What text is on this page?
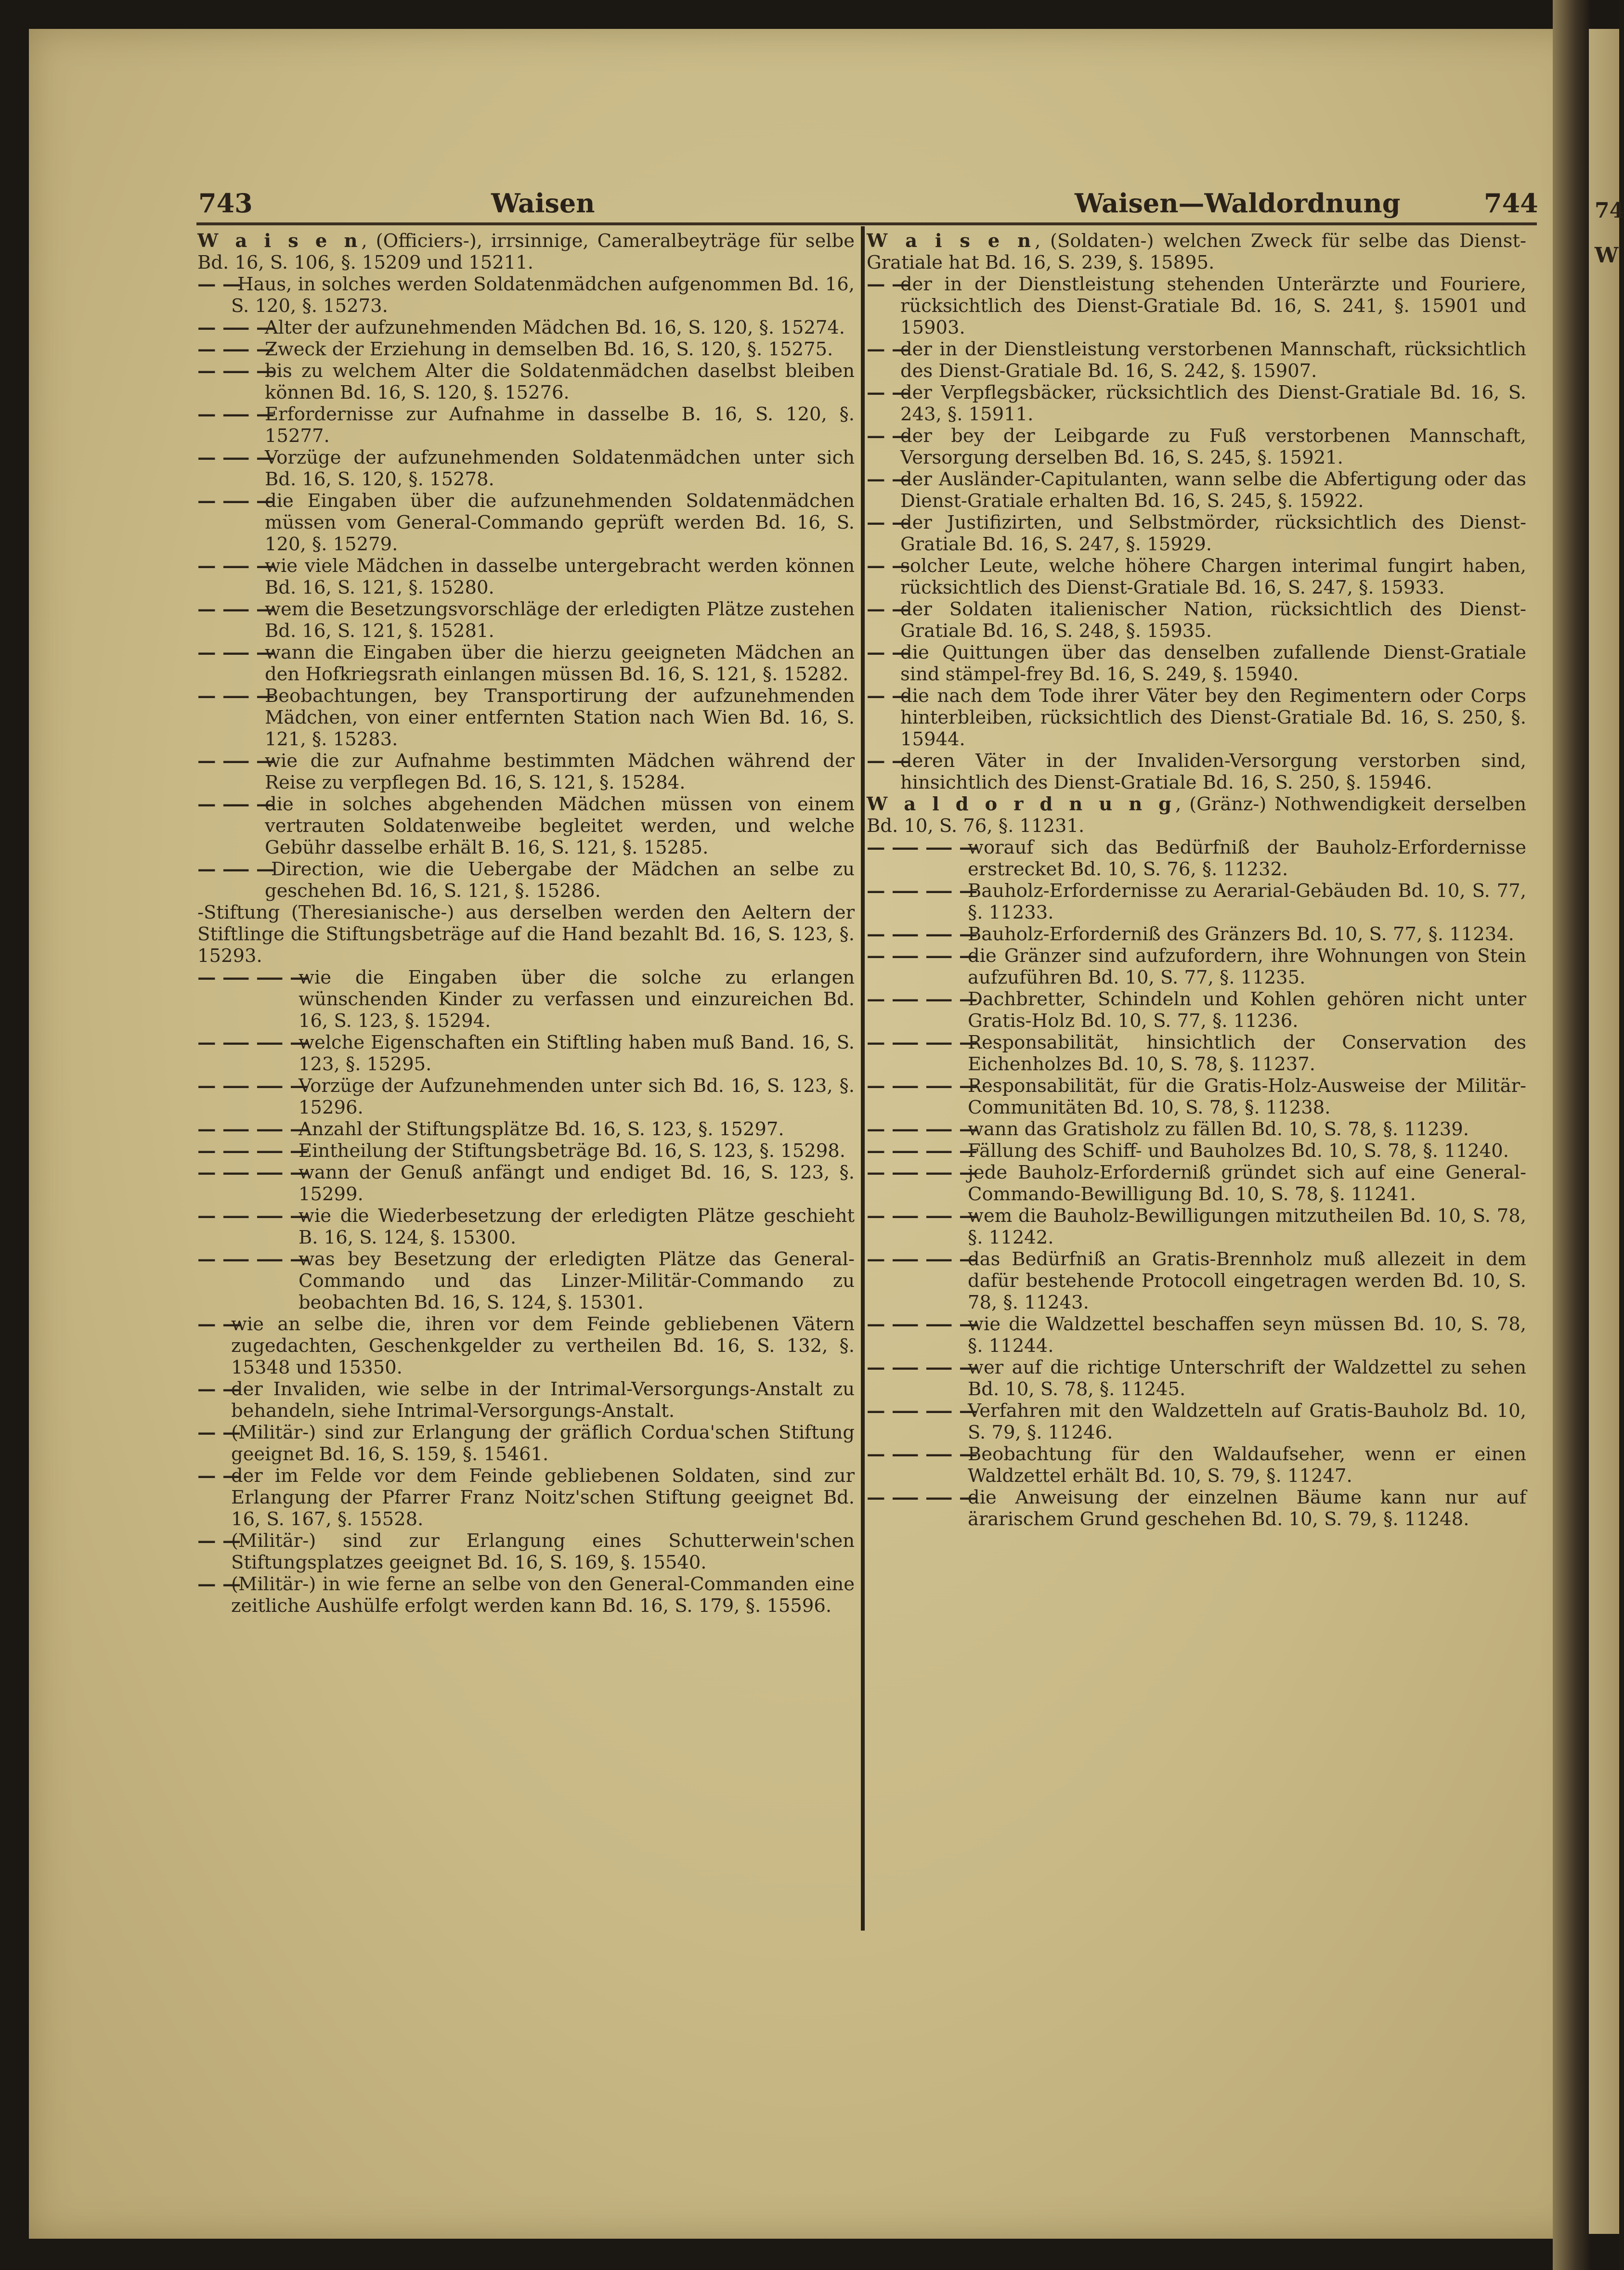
74
W
743	Waisen	Waisen—Waldordnung	744
W a i s e n, (Officiers-), irrsinnige, Cameralbeyträge für selbe Bd. 16, S. 106, §. 15209 und 15211.
— —
-Haus, in solches werden Soldatenmädchen aufgenommen Bd. 16, S. 120, §. 15273.
— —
— —
Alter der aufzunehmenden Mädchen Bd. 16, S. 120, §. 15274.
— —
— —
Zweck der Erziehung in demselben Bd. 16, S. 120, §. 15275.
— —
— —
bis zu welchem Alter die Soldatenmädchen daselbst bleiben können Bd. 16, S. 120, §. 15276.
— —
— —
Erfordernisse zur Aufnahme in dasselbe B. 16, S. 120, §. 15277.
— —
— —
Vorzüge der aufzunehmenden Soldatenmädchen unter sich Bd. 16, S. 120, §. 15278.
— —
— —
die Eingaben über die aufzunehmenden Soldatenmädchen müssen vom General-Commando geprüft werden Bd. 16, S. 120, §. 15279.
— —
— —
wie viele Mädchen in dasselbe untergebracht werden können Bd. 16, S. 121, §. 15280.
— —
— —
wem die Besetzungsvorschläge der erledigten Plätze zustehen Bd. 16, S. 121, §. 15281.
— —
— —
wann die Eingaben über die hierzu geeigneten Mädchen an den Hofkriegsrath einlangen müssen Bd. 16, S. 121, §. 15282.
— —
— —
Beobachtungen, bey Transportirung der aufzunehmenden Mädchen, von einer entfernten Station nach Wien Bd. 16, S. 121, §. 15283.
— —
— —
wie die zur Aufnahme bestimmten Mädchen während der Reise zu verpflegen Bd. 16, S. 121, §. 15284.
— —
— —
die in solches abgehenden Mädchen müssen von einem vertrauten Soldatenweibe begleitet werden, und welche Gebühr dasselbe erhält B. 16, S. 121, §. 15285.
— —
— —
-Direction, wie die Uebergabe der Mädchen an selbe zu geschehen Bd. 16, S. 121, §. 15286.
-Stiftung (Theresianische-) aus derselben werden den Aeltern der Stiftlinge die Stiftungsbeträge auf die Hand bezahlt Bd. 16, S. 123, §. 15293.
— —
— —
— —
wie die Eingaben über die solche zu erlangen wünschenden Kinder zu verfassen und einzureichen Bd. 16, S. 123, §. 15294.
— —
— —
— —
welche Eigenschaften ein Stiftling haben muß Band. 16, S. 123, §. 15295.
— —
— —
— —
Vorzüge der Aufzunehmenden unter sich Bd. 16, S. 123, §. 15296.
— —
— —
— —
Anzahl der Stiftungsplätze Bd. 16, S. 123, §. 15297.
— —
— —
— —
Eintheilung der Stiftungsbeträge Bd. 16, S. 123, §. 15298.
— —
— —
— —
wann der Genuß anfängt und endiget Bd. 16, S. 123, §. 15299.
— —
— —
— —
wie die Wiederbesetzung der erledigten Plätze geschieht B. 16, S. 124, §. 15300.
— —
— —
— —
was bey Besetzung der erledigten Plätze das General-Commando und das Linzer-Militär-Commando zu beobachten Bd. 16, S. 124, §. 15301.
— —
wie an selbe die, ihren vor dem Feinde gebliebenen Vätern zugedachten, Geschenkgelder zu vertheilen Bd. 16, S. 132, §. 15348 und 15350.
— —
der Invaliden, wie selbe in der Intrimal-Versorgungs-Anstalt zu behandeln, siehe Intrimal-Versorgungs-Anstalt.
— —
(Militär-) sind zur Erlangung der gräflich Cordua'schen Stiftung geeignet Bd. 16, S. 159, §. 15461.
— —
der im Felde vor dem Feinde gebliebenen Soldaten, sind zur Erlangung der Pfarrer Franz Noitz'schen Stiftung geeignet Bd. 16, S. 167, §. 15528.
— —
(Militär-) sind zur Erlangung eines Schutterwein'schen Stiftungsplatzes geeignet Bd. 16, S. 169, §. 15540.
— —
(Militär-) in wie ferne an selbe von den General-Commanden eine zeitliche Aushülfe erfolgt werden kann Bd. 16, S. 179, §. 15596.
W a i s e n, (Soldaten-) welchen Zweck für selbe das Dienst-Gratiale hat Bd. 16, S. 239, §. 15895.
— —
der in der Dienstleistung stehenden Unterärzte und Fouriere, rücksichtlich des Dienst-Gratiale Bd. 16, S. 241, §. 15901 und 15903.
— —
der in der Dienstleistung verstorbenen Mannschaft, rücksichtlich des Dienst-Gratiale Bd. 16, S. 242, §. 15907.
— —
der Verpflegsbäcker, rücksichtlich des Dienst-Gratiale Bd. 16, S. 243, §. 15911.
— —
der bey der Leibgarde zu Fuß verstorbenen Mannschaft, Versorgung derselben Bd. 16, S. 245, §. 15921.
— —
der Ausländer-Capitulanten, wann selbe die Abfertigung oder das Dienst-Gratiale erhalten Bd. 16, S. 245, §. 15922.
— —
der Justifizirten, und Selbstmörder, rücksichtlich des Dienst-Gratiale Bd. 16, S. 247, §. 15929.
— —
solcher Leute, welche höhere Chargen interimal fungirt haben, rücksichtlich des Dienst-Gratiale Bd. 16, S. 247, §. 15933.
— —
der Soldaten italienischer Nation, rücksichtlich des Dienst-Gratiale Bd. 16, S. 248, §. 15935.
— —
die Quittungen über das denselben zufallende Dienst-Gratiale sind stämpel-frey Bd. 16, S. 249, §. 15940.
— —
die nach dem Tode ihrer Väter bey den Regimentern oder Corps hinterbleiben, rücksichtlich des Dienst-Gratiale Bd. 16, S. 250, §. 15944.
— —
deren Väter in der Invaliden-Versorgung verstorben sind, hinsichtlich des Dienst-Gratiale Bd. 16, S. 250, §. 15946.
W a l d o r d n u n g, (Gränz-) Nothwendigkeit derselben Bd. 10, S. 76, §. 11231.
— —
— —
— —
worauf sich das Bedürfniß der Bauholz-Erfordernisse erstrecket Bd. 10, S. 76, §. 11232.
— —
— —
— —
Bauholz-Erfordernisse zu Aerarial-Gebäuden Bd. 10, S. 77, §. 11233.
— —
— —
— —
Bauholz-Erforderniß des Gränzers Bd. 10, S. 77, §. 11234.
— —
— —
— —
die Gränzer sind aufzufordern, ihre Wohnungen von Stein aufzuführen Bd. 10, S. 77, §. 11235.
— —
— —
— —
Dachbretter, Schindeln und Kohlen gehören nicht unter Gratis-Holz Bd. 10, S. 77, §. 11236.
— —
— —
— —
Responsabilität, hinsichtlich der Conservation des Eichenholzes Bd. 10, S. 78, §. 11237.
— —
— —
— —
Responsabilität, für die Gratis-Holz-Ausweise der Militär-Communitäten Bd. 10, S. 78, §. 11238.
— —
— —
— —
wann das Gratisholz zu fällen Bd. 10, S. 78, §. 11239.
— —
— —
— —
Fällung des Schiff- und Bauholzes Bd. 10, S. 78, §. 11240.
— —
— —
— —
jede Bauholz-Erforderniß gründet sich auf eine General-Commando-Bewilligung Bd. 10, S. 78, §. 11241.
— —
— —
— —
wem die Bauholz-Bewilligungen mitzutheilen Bd. 10, S. 78, §. 11242.
— —
— —
— —
das Bedürfniß an Gratis-Brennholz muß allezeit in dem dafür bestehende Protocoll eingetragen werden Bd. 10, S. 78, §. 11243.
— —
— —
— —
wie die Waldzettel beschaffen seyn müssen Bd. 10, S. 78, §. 11244.
— —
— —
— —
wer auf die richtige Unterschrift der Waldzettel zu sehen Bd. 10, S. 78, §. 11245.
— —
— —
— —
Verfahren mit den Waldzetteln auf Gratis-Bauholz Bd. 10, S. 79, §. 11246.
— —
— —
— —
Beobachtung für den Waldaufseher, wenn er einen Waldzettel erhält Bd. 10, S. 79, §. 11247.
— —
— —
— —
die Anweisung der einzelnen Bäume kann nur auf ärarischem Grund geschehen Bd. 10, S. 79, §. 11248.
